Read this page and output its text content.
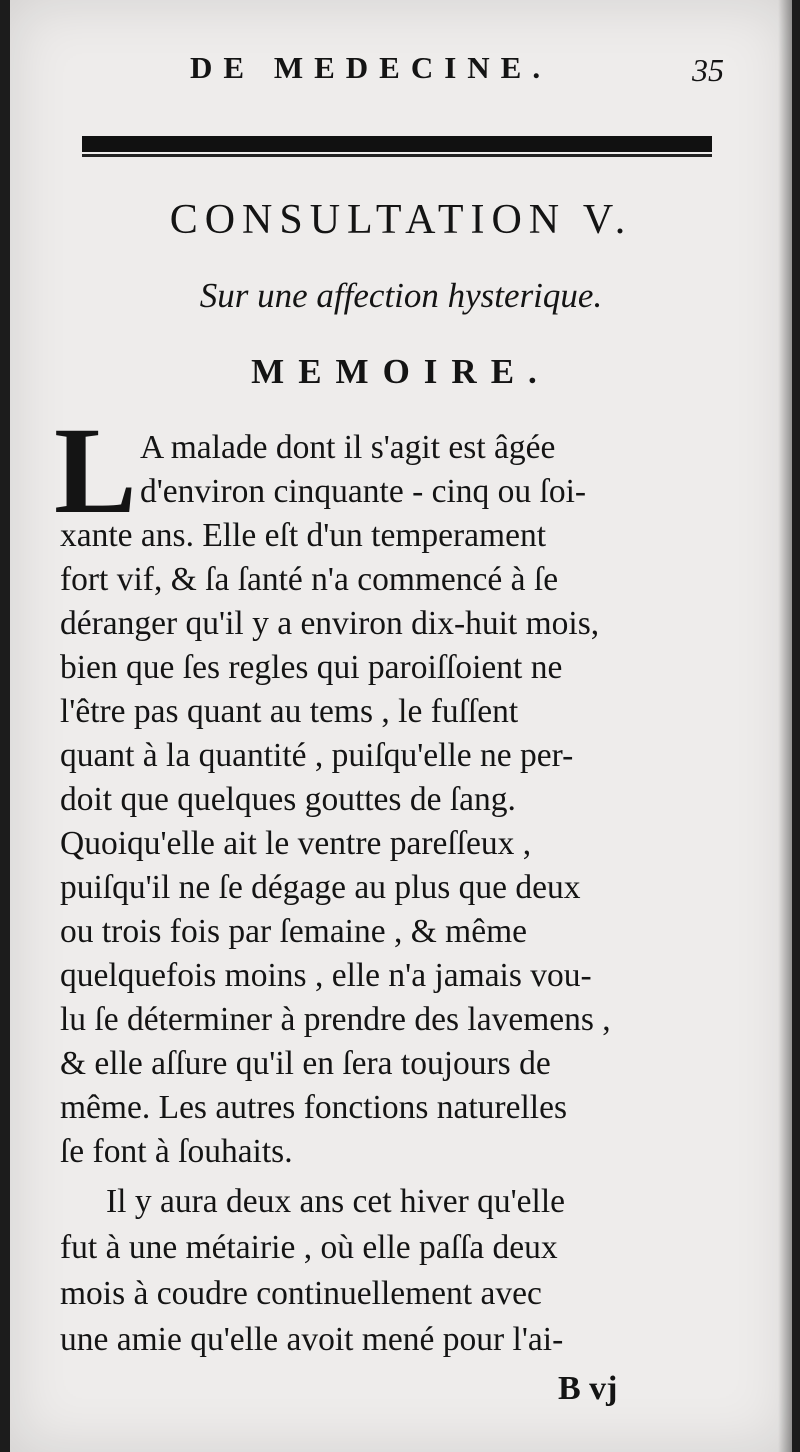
DE MEDECINE.	35
CONSULTATION V.
Sur une affection hysterique.
MEMOIRE.
L A malade dont il s'agit est âgée
d'environ cinquante - cinq ou ſoi-
xante ans. Elle eſt d'un temperament
fort vif, & ſa ſanté n'a commencé à ſe
déranger qu'il y a environ dix-huit mois,
bien que ſes regles qui paroiſſoient ne
l'être pas quant au tems , le fuſſent
quant à la quantité , puiſqu'elle ne per-
doit que quelques gouttes de ſang.
Quoiqu'elle ait le ventre pareſſeux ,
puiſqu'il ne ſe dégage au plus que deux
ou trois fois par ſemaine , & même
quelquefois moins , elle n'a jamais vou-
lu ſe déterminer à prendre des lavemens ,
& elle aſſure qu'il en ſera toujours de
même. Les autres fonctions naturelles
ſe font à ſouhaits.
Il y aura deux ans cet hiver qu'elle
fut à une métairie , où elle paſſa deux
mois à coudre continuellement avec
une amie qu'elle avoit mené pour l'ai-
B vj
